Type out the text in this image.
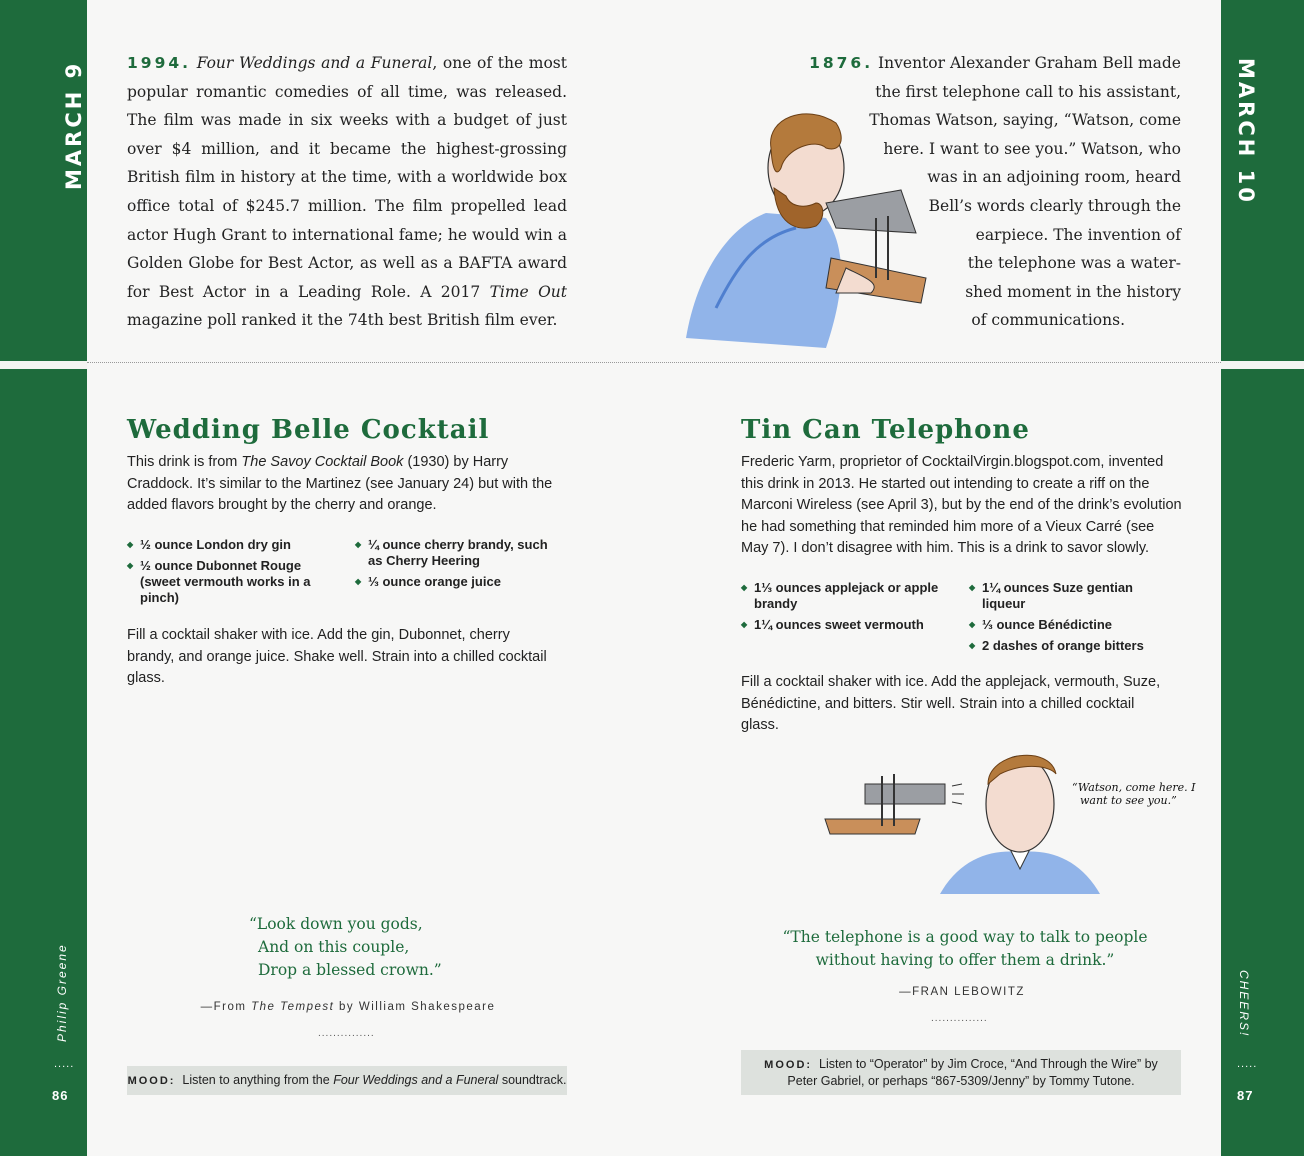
MARCH 9	MARCH 10
Philip Greene	CHEERS!
.....	.....
86	87
1994. Four Weddings and a Funeral, one of the most popular romantic comedies of all time, was released. The film was made in six weeks with a budget of just over $4 million, and it became the highest-grossing British film in history at the time, with a worldwide box office total of $245.7 million. The film propelled lead actor Hugh Grant to international fame; he would win a Golden Globe for Best Actor, as well as a BAFTA award for Best Actor in a Leading Role. A 2017 Time Out magazine poll ranked it the 74th best British film ever.
1876. Inventor Alexander Graham Bell made
the first telephone call to his assistant,
Thomas Watson, saying, “Watson, come
here. I want to see you.” Watson, who
was in an adjoining room, heard
Bell’s words clearly through the
earpiece. The invention of
the telephone was a water-
shed moment in the history
of communications.
Wedding Belle Cocktail
This drink is from The Savoy Cocktail Book (1930) by Harry Craddock. It’s similar to the Martinez (see January 24) but with the added flavors brought by the cherry and orange.
◆ ½ ounce London dry gin
◆ ½ ounce Dubonnet Rouge (sweet vermouth works in a pinch)
◆ ¼ ounce cherry brandy, such as Cherry Heering
◆ ⅓ ounce orange juice
Fill a cocktail shaker with ice. Add the gin, Dubonnet, cherry brandy, and orange juice. Shake well. Strain into a chilled cocktail glass.
“Look down you gods,
And on this couple,
Drop a blessed crown.”
—From The Tempest by William Shakespeare
...............
MOOD: Listen to anything from the Four Weddings and a Funeral soundtrack.
Tin Can Telephone
Frederic Yarm, proprietor of CocktailVirgin.blogspot.com, invented this drink in 2013. He started out intending to create a riff on the Marconi Wireless (see April 3), but by the end of the drink’s evolution he had something that reminded him more of a Vieux Carré (see May 7). I don’t disagree with him. This is a drink to savor slowly.
◆ 1⅓ ounces applejack or apple brandy
◆ 1¼ ounces sweet vermouth
◆ 1¼ ounces Suze gentian liqueur
◆ ⅓ ounce Bénédictine
◆ 2 dashes of orange bitters
Fill a cocktail shaker with ice. Add the applejack, vermouth, Suze, Bénédictine, and bitters. Stir well. Strain into a chilled cocktail glass.
“Watson, come here. I
want to see you.”
“The telephone is a good way to talk to people
without having to offer them a drink.”
—FRAN LEBOWITZ
...............
MOOD: Listen to “Operator” by Jim Croce, “And Through the Wire” by Peter Gabriel, or perhaps “867-5309/Jenny” by Tommy Tutone.
